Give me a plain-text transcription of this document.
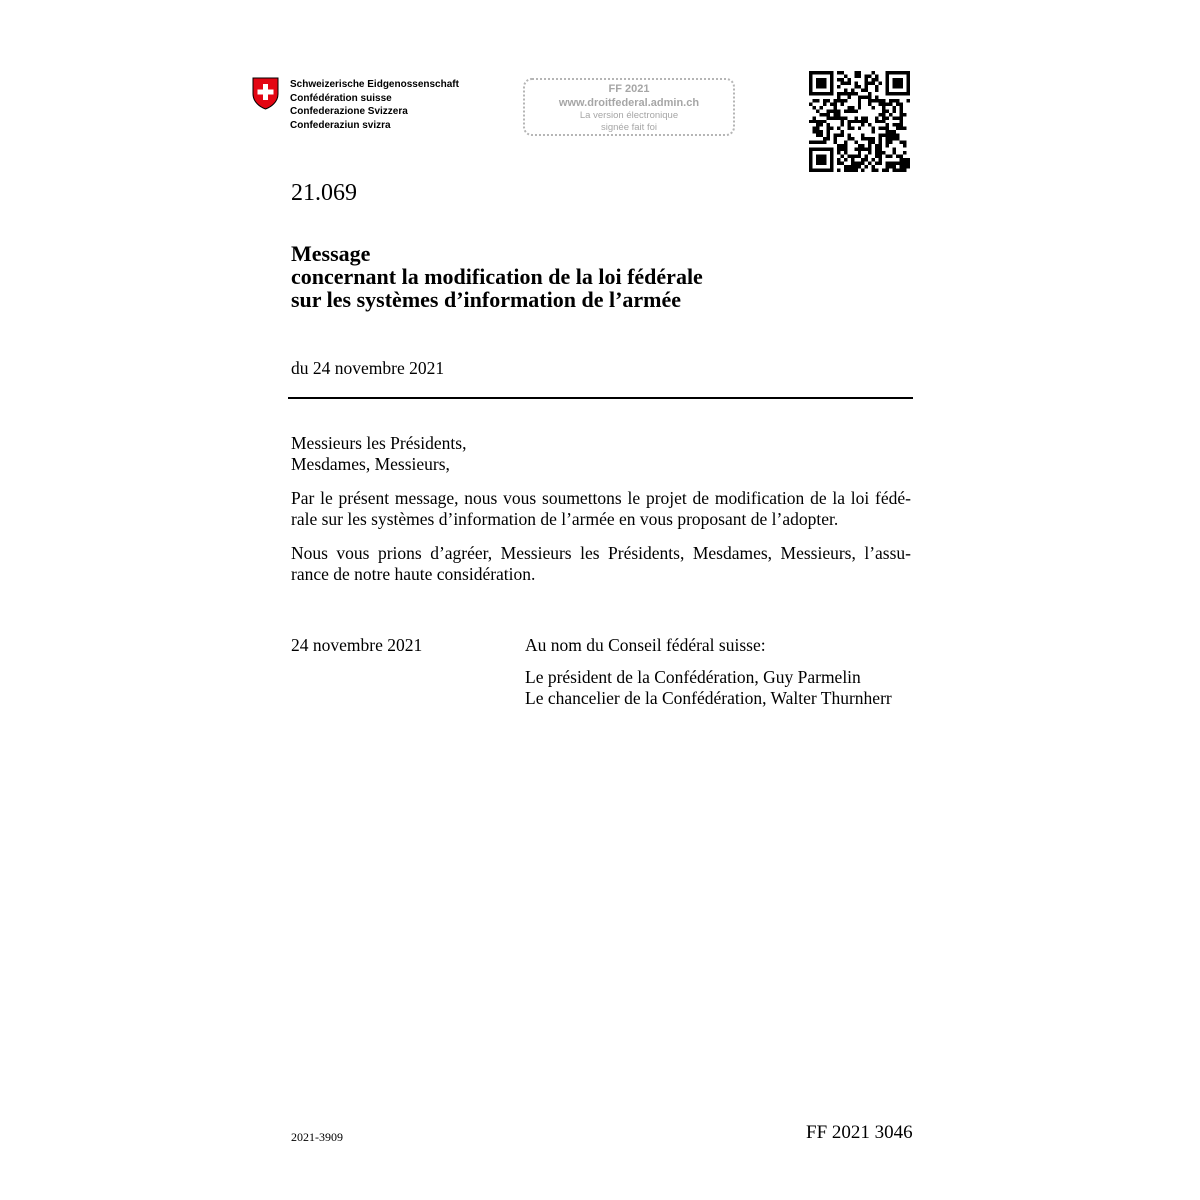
Schweizerische Eidgenossenschaft
Confédération suisse
Confederazione Svizzera
Confederaziun svizra
FF 2021
www.droitfederal.admin.ch
La version électronique
signée fait foi
21.069
Message
concernant la modification de la loi fédérale
sur les systèmes d’information de l’armée
du 24 novembre 2021

Messieurs les Présidents,
Mesdames, Messieurs,

Par le présent message, nous vous soumettons le projet de modification de la loi fédé-rale sur les systèmes d’information de l’armée en vous proposant de l’adopter.

Nous vous prions d’agréer, Messieurs les Présidents, Mesdames, Messieurs, l’assu-rance de notre haute considération.

24 novembre 2021	Au nom du Conseil fédéral suisse:
Le président de la Confédération, Guy Parmelin
Le chancelier de la Confédération, Walter Thurnherr
2021-3909	FF 2021 3046
